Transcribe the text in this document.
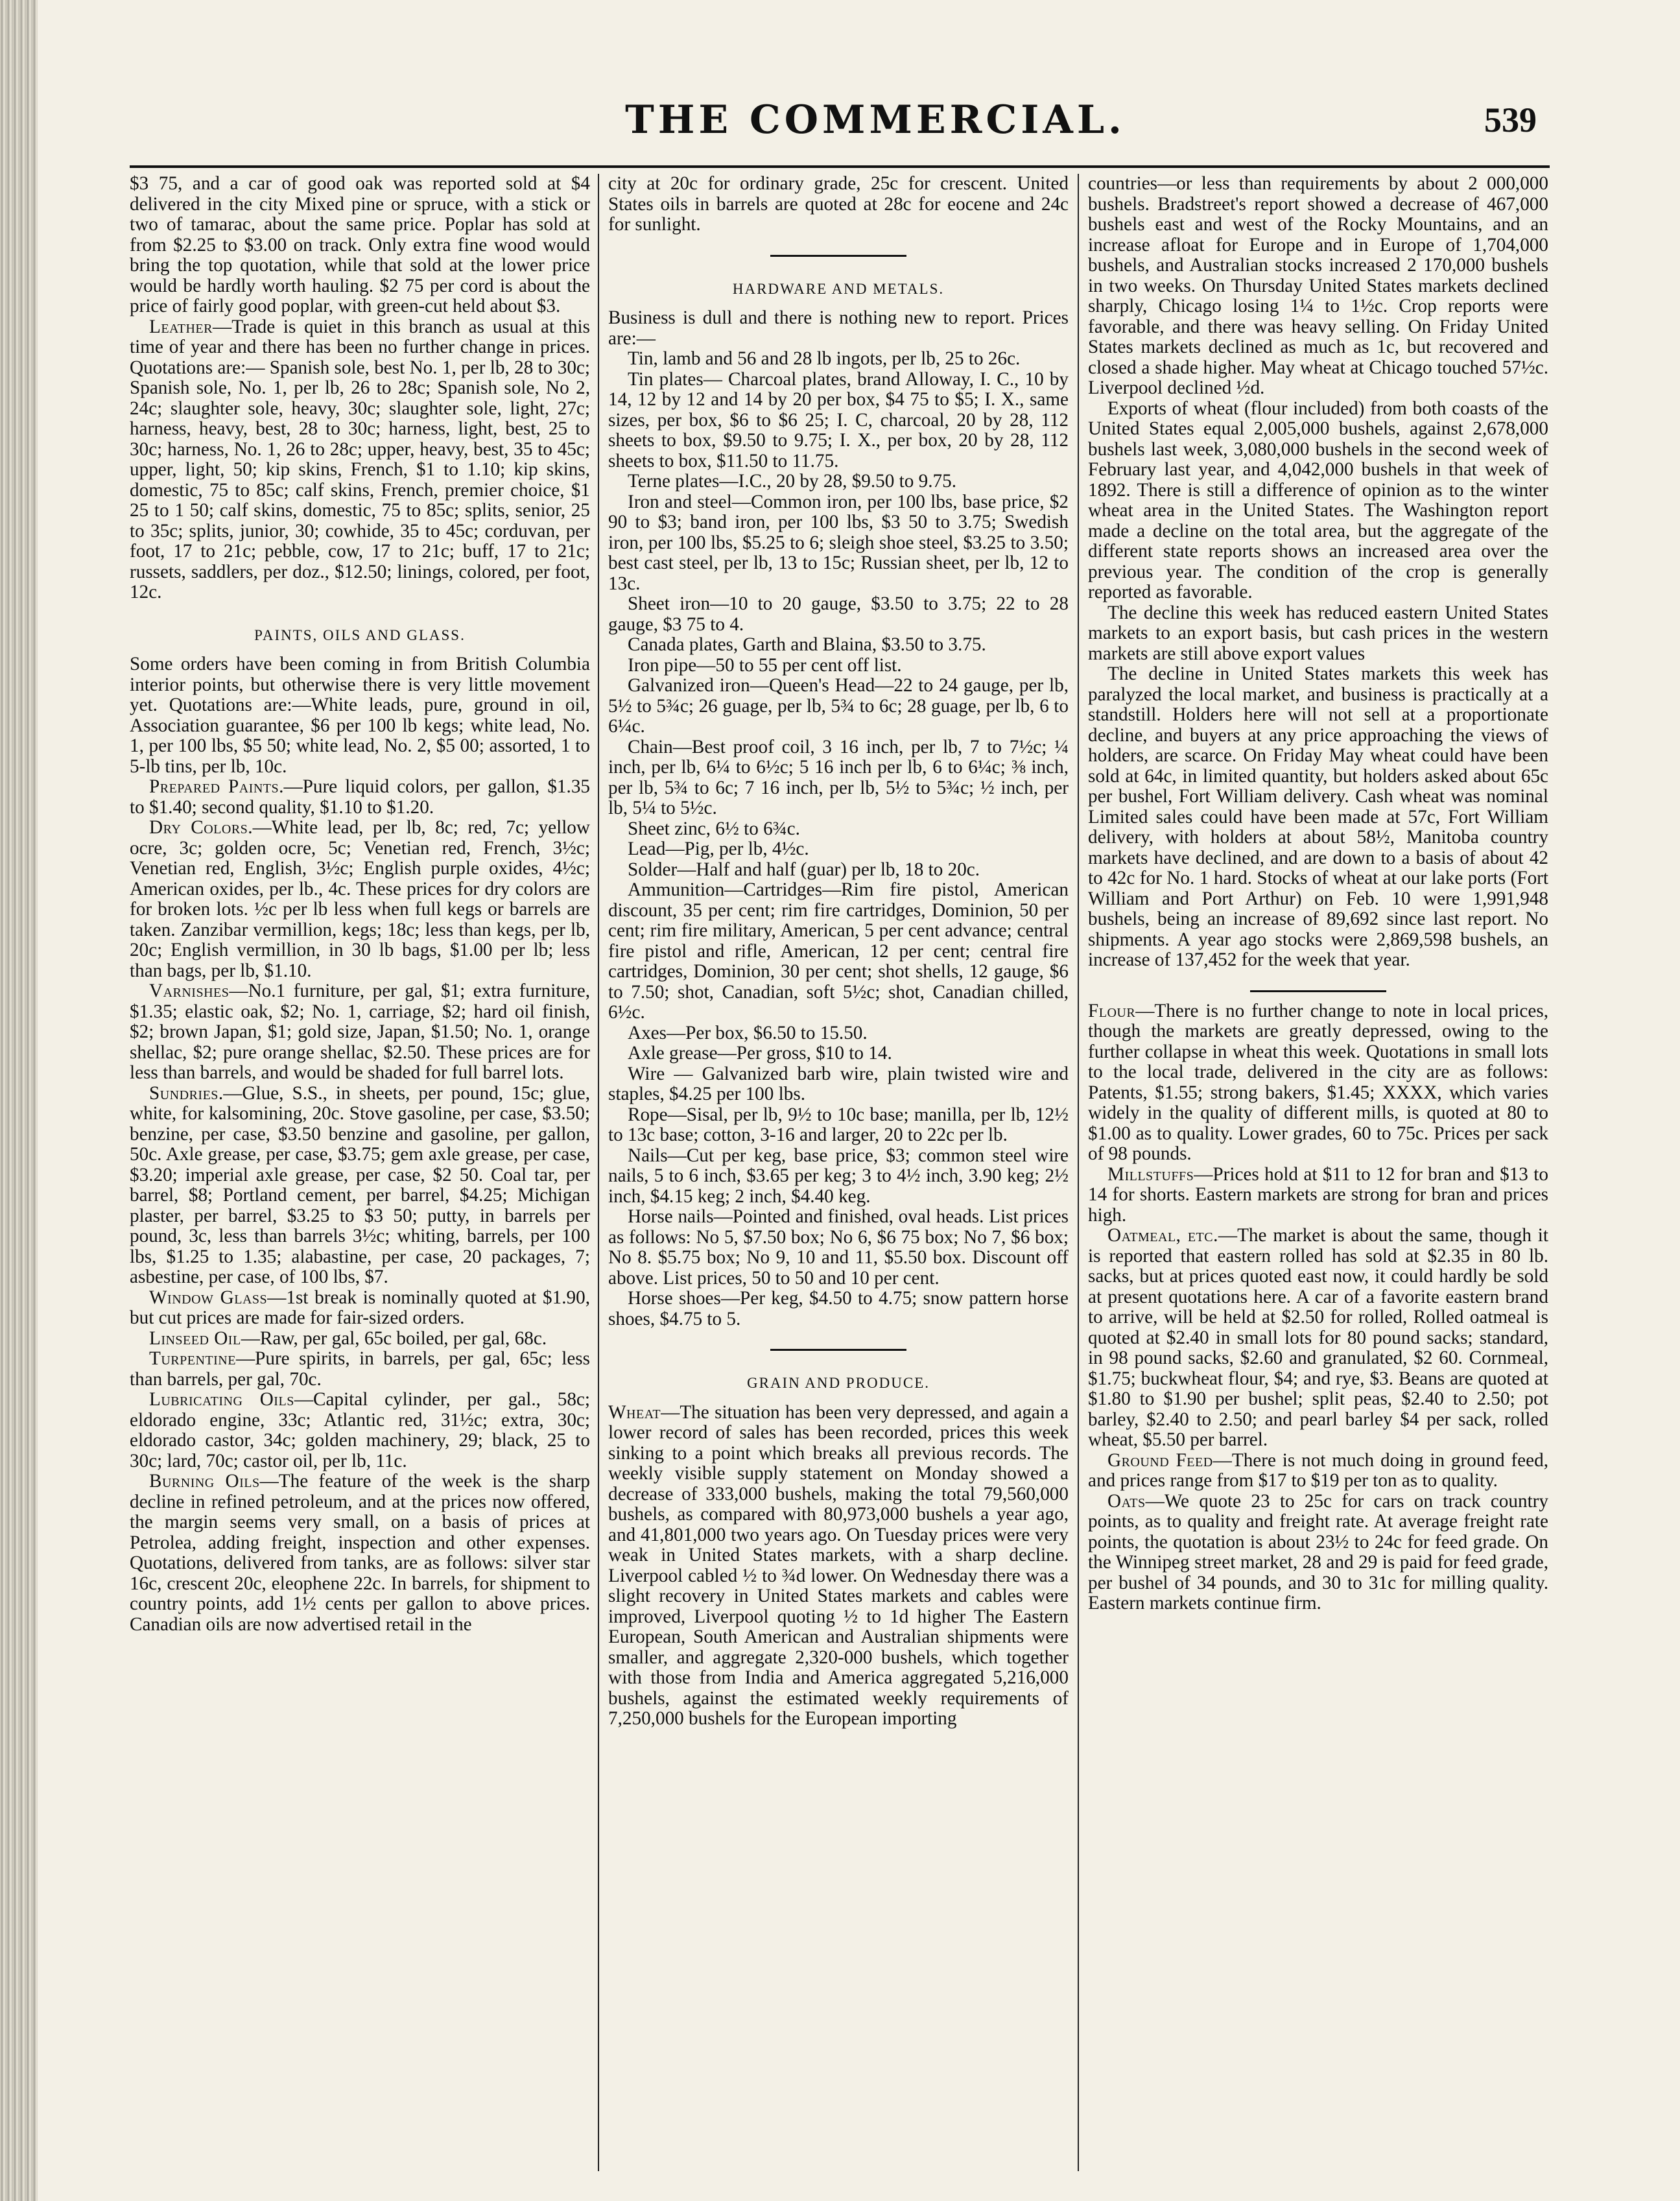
THE COMMERCIAL.	539

$3 75, and a car of good oak was reported sold at $4 delivered in the city Mixed pine or spruce, with a stick or two of tamarac, about the same price. Poplar has sold at from $2.25 to $3.00 on track. Only extra fine wood would bring the top quotation, while that sold at the lower price would be hardly worth hauling. $2 75 per cord is about the price of fairly good poplar, with green-cut held about $3.

Leather—Trade is quiet in this branch as usual at this time of year and there has been no further change in prices. Quotations are:— Spanish sole, best No. 1, per lb, 28 to 30c; Spanish sole, No. 1, per lb, 26 to 28c; Spanish sole, No 2, 24c; slaughter sole, heavy, 30c; slaughter sole, light, 27c; harness, heavy, best, 28 to 30c; harness, light, best, 25 to 30c; harness, No. 1, 26 to 28c; upper, heavy, best, 35 to 45c; upper, light, 50; kip skins, French, $1 to 1.10; kip skins, domestic, 75 to 85c; calf skins, French, premier choice, $1 25 to 1 50; calf skins, domestic, 75 to 85c; splits, senior, 25 to 35c; splits, junior, 30; cowhide, 35 to 45c; corduvan, per foot, 17 to 21c; pebble, cow, 17 to 21c; buff, 17 to 21c; russets, saddlers, per doz., $12.50; linings, colored, per foot, 12c.

PAINTS, OILS AND GLASS.

Some orders have been coming in from British Columbia interior points, but otherwise there is very little movement yet. Quotations are:—White leads, pure, ground in oil, Association guarantee, $6 per 100 lb kegs; white lead, No. 1, per 100 lbs, $5 50; white lead, No. 2, $5 00; assorted, 1 to 5-lb tins, per lb, 10c.

Prepared Paints.—Pure liquid colors, per gallon, $1.35 to $1.40; second quality, $1.10 to $1.20.

Dry Colors.—White lead, per lb, 8c; red, 7c; yellow ocre, 3c; golden ocre, 5c; Venetian red, French, 3½c; Venetian red, English, 3½c; English purple oxides, 4½c; American oxides, per lb., 4c. These prices for dry colors are for broken lots. ½c per lb less when full kegs or barrels are taken. Zanzibar vermillion, kegs; 18c; less than kegs, per lb, 20c; English vermillion, in 30 lb bags, $1.00 per lb; less than bags, per lb, $1.10.

Varnishes—No.1 furniture, per gal, $1; extra furniture, $1.35; elastic oak, $2; No. 1, carriage, $2; hard oil finish, $2; brown Japan, $1; gold size, Japan, $1.50; No. 1, orange shellac, $2; pure orange shellac, $2.50. These prices are for less than barrels, and would be shaded for full barrel lots.

Sundries.—Glue, S.S., in sheets, per pound, 15c; glue, white, for kalsomining, 20c. Stove gasoline, per case, $3.50; benzine, per case, $3.50 benzine and gasoline, per gallon, 50c. Axle grease, per case, $3.75; gem axle grease, per case, $3.20; imperial axle grease, per case, $2 50. Coal tar, per barrel, $8; Portland cement, per barrel, $4.25; Michigan plaster, per barrel, $3.25 to $3 50; putty, in barrels per pound, 3c, less than barrels 3½c; whiting, barrels, per 100 lbs, $1.25 to 1.35; alabastine, per case, 20 packages, 7; asbestine, per case, of 100 lbs, $7.

Window Glass—1st break is nominally quoted at $1.90, but cut prices are made for fair-sized orders.

Linseed Oil—Raw, per gal, 65c boiled, per gal, 68c.

Turpentine—Pure spirits, in barrels, per gal, 65c; less than barrels, per gal, 70c.

Lubricating Oils—Capital cylinder, per gal., 58c; eldorado engine, 33c; Atlantic red, 31½c; extra, 30c; eldorado castor, 34c; golden machinery, 29; black, 25 to 30c; lard, 70c; castor oil, per lb, 11c.

Burning Oils—The feature of the week is the sharp decline in refined petroleum, and at the prices now offered, the margin seems very small, on a basis of prices at Petrolea, adding freight, inspection and other expenses. Quotations, delivered from tanks, are as follows: silver star 16c, crescent 20c, eleophene 22c. In barrels, for shipment to country points, add 1½ cents per gallon to above prices. Canadian oils are now advertised retail in the

city at 20c for ordinary grade, 25c for crescent. United States oils in barrels are quoted at 28c for eocene and 24c for sunlight.

HARDWARE AND METALS.

Business is dull and there is nothing new to report. Prices are:—

Tin, lamb and 56 and 28 lb ingots, per lb, 25 to 26c.

Tin plates— Charcoal plates, brand Alloway, I. C., 10 by 14, 12 by 12 and 14 by 20 per box, $4 75 to $5; I. X., same sizes, per box, $6 to $6 25; I. C, charcoal, 20 by 28, 112 sheets to box, $9.50 to 9.75; I. X., per box, 20 by 28, 112 sheets to box, $11.50 to 11.75.

Terne plates—I.C., 20 by 28, $9.50 to 9.75.

Iron and steel—Common iron, per 100 lbs, base price, $2 90 to $3; band iron, per 100 lbs, $3 50 to 3.75; Swedish iron, per 100 lbs, $5.25 to 6; sleigh shoe steel, $3.25 to 3.50; best cast steel, per lb, 13 to 15c; Russian sheet, per lb, 12 to 13c.

Sheet iron—10 to 20 gauge, $3.50 to 3.75; 22 to 28 gauge, $3 75 to 4.

Canada plates, Garth and Blaina, $3.50 to 3.75.

Iron pipe—50 to 55 per cent off list.

Galvanized iron—Queen's Head—22 to 24 gauge, per lb, 5½ to 5¾c; 26 guage, per lb, 5¾ to 6c; 28 guage, per lb, 6 to 6¼c.

Chain—Best proof coil, 3 16 inch, per lb, 7 to 7½c; ¼ inch, per lb, 6¼ to 6½c; 5 16 inch per lb, 6 to 6¼c; ⅜ inch, per lb, 5¾ to 6c; 7 16 inch, per lb, 5½ to 5¾c; ½ inch, per lb, 5¼ to 5½c.

Sheet zinc, 6½ to 6¾c.

Lead—Pig, per lb, 4½c.

Solder—Half and half (guar) per lb, 18 to 20c.

Ammunition—Cartridges—Rim fire pistol, American discount, 35 per cent; rim fire cartridges, Dominion, 50 per cent; rim fire military, American, 5 per cent advance; central fire pistol and rifle, American, 12 per cent; central fire cartridges, Dominion, 30 per cent; shot shells, 12 gauge, $6 to 7.50; shot, Canadian, soft 5½c; shot, Canadian chilled, 6½c.

Axes—Per box, $6.50 to 15.50.

Axle grease—Per gross, $10 to 14.

Wire — Galvanized barb wire, plain twisted wire and staples, $4.25 per 100 lbs.

Rope—Sisal, per lb, 9½ to 10c base; manilla, per lb, 12½ to 13c base; cotton, 3-16 and larger, 20 to 22c per lb.

Nails—Cut per keg, base price, $3; common steel wire nails, 5 to 6 inch, $3.65 per keg; 3 to 4½ inch, 3.90 keg; 2½ inch, $4.15 keg; 2 inch, $4.40 keg.

Horse nails—Pointed and finished, oval heads. List prices as follows: No 5, $7.50 box; No 6, $6 75 box; No 7, $6 box; No 8. $5.75 box; No 9, 10 and 11, $5.50 box. Discount off above. List prices, 50 to 50 and 10 per cent.

Horse shoes—Per keg, $4.50 to 4.75; snow pattern horse shoes, $4.75 to 5.

GRAIN AND PRODUCE.

Wheat—The situation has been very depressed, and again a lower record of sales has been recorded, prices this week sinking to a point which breaks all previous records. The weekly visible supply statement on Monday showed a decrease of 333,000 bushels, making the total 79,560,000 bushels, as compared with 80,973,000 bushels a year ago, and 41,801,000 two years ago. On Tuesday prices were very weak in United States markets, with a sharp decline. Liverpool cabled ½ to ¾d lower. On Wednesday there was a slight recovery in United States markets and cables were improved, Liverpool quoting ½ to 1d higher The Eastern European, South American and Australian shipments were smaller, and aggregate 2,320-000 bushels, which together with those from India and America aggregated 5,216,000 bushels, against the estimated weekly requirements of 7,250,000 bushels for the European importing

countries—or less than requirements by about 2 000,000 bushels. Bradstreet's report showed a decrease of 467,000 bushels east and west of the Rocky Mountains, and an increase afloat for Europe and in Europe of 1,704,000 bushels, and Australian stocks increased 2 170,000 bushels in two weeks. On Thursday United States markets declined sharply, Chicago losing 1¼ to 1½c. Crop reports were favorable, and there was heavy selling. On Friday United States markets declined as much as 1c, but recovered and closed a shade higher. May wheat at Chicago touched 57½c. Liverpool declined ½d.

Exports of wheat (flour included) from both coasts of the United States equal 2,005,000 bushels, against 2,678,000 bushels last week, 3,080,000 bushels in the second week of February last year, and 4,042,000 bushels in that week of 1892. There is still a difference of opinion as to the winter wheat area in the United States. The Washington report made a decline on the total area, but the aggregate of the different state reports shows an increased area over the previous year. The condition of the crop is generally reported as favorable.

The decline this week has reduced eastern United States markets to an export basis, but cash prices in the western markets are still above export values

The decline in United States markets this week has paralyzed the local market, and business is practically at a standstill. Holders here will not sell at a proportionate decline, and buyers at any price approaching the views of holders, are scarce. On Friday May wheat could have been sold at 64c, in limited quantity, but holders asked about 65c per bushel, Fort William delivery. Cash wheat was nominal Limited sales could have been made at 57c, Fort William delivery, with holders at about 58½, Manitoba country markets have declined, and are down to a basis of about 42 to 42c for No. 1 hard. Stocks of wheat at our lake ports (Fort William and Port Arthur) on Feb. 10 were 1,991,948 bushels, being an increase of 89,692 since last report. No shipments. A year ago stocks were 2,869,598 bushels, an increase of 137,452 for the week that year.

Flour—There is no further change to note in local prices, though the markets are greatly depressed, owing to the further collapse in wheat this week. Quotations in small lots to the local trade, delivered in the city are as follows: Patents, $1.55; strong bakers, $1.45; XXXX, which varies widely in the quality of different mills, is quoted at 80 to $1.00 as to quality. Lower grades, 60 to 75c. Prices per sack of 98 pounds.

Millstuffs—Prices hold at $11 to 12 for bran and $13 to 14 for shorts. Eastern markets are strong for bran and prices high.

Oatmeal, etc.—The market is about the same, though it is reported that eastern rolled has sold at $2.35 in 80 lb. sacks, but at prices quoted east now, it could hardly be sold at present quotations here. A car of a favorite eastern brand to arrive, will be held at $2.50 for rolled, Rolled oatmeal is quoted at $2.40 in small lots for 80 pound sacks; standard, in 98 pound sacks, $2.60 and granulated, $2 60. Cornmeal, $1.75; buckwheat flour, $4; and rye, $3. Beans are quoted at $1.80 to $1.90 per bushel; split peas, $2.40 to 2.50; pot barley, $2.40 to 2.50; and pearl barley $4 per sack, rolled wheat, $5.50 per barrel.

Ground Feed—There is not much doing in ground feed, and prices range from $17 to $19 per ton as to quality.

Oats—We quote 23 to 25c for cars on track country points, as to quality and freight rate. At average freight rate points, the quotation is about 23½ to 24c for feed grade. On the Winnipeg street market, 28 and 29 is paid for feed grade, per bushel of 34 pounds, and 30 to 31c for milling quality. Eastern markets continue firm.
